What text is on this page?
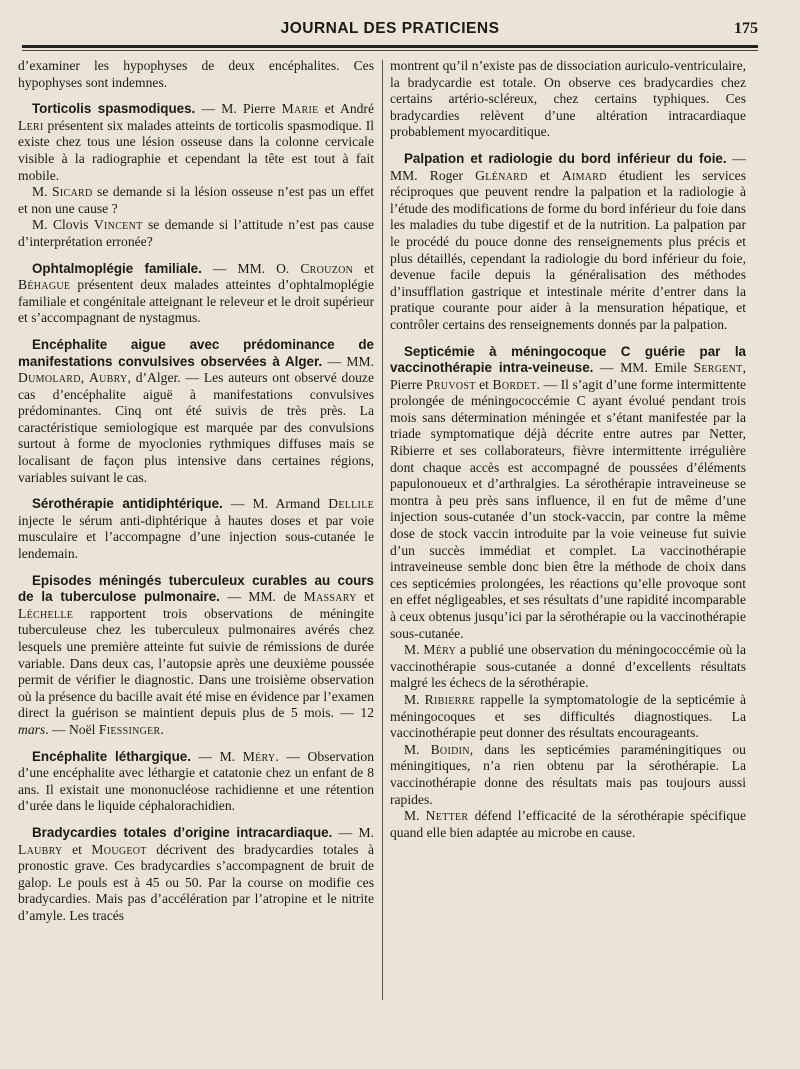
JOURNAL DES PRATICIENS	175

d’examiner les hypophyses de deux encéphalites. Ces hypophyses sont indemnes.

Torticolis spasmodiques. — M. Pierre Marie et André Leri présentent six malades atteints de torticolis spasmodique. Il existe chez tous une lésion osseuse dans la colonne cervicale visible à la radiographie et cependant la tête est tout à fait mobile.

M. Sicard se demande si la lésion osseuse n’est pas un effet et non une cause ?

M. Clovis Vincent se demande si l’attitude n’est pas cause d’interprétation erronée?

Ophtalmoplégie familiale. — MM. O. Crouzon et Béhague présentent deux malades atteintes d’ophtalmoplégie familiale et congénitale atteignant le releveur et le droit supérieur et s’accompagnant de nystagmus.

Encéphalite aigue avec prédominance de manifestations convulsives observées à Alger. — MM. Dumolard, Aubry, d’Alger. — Les auteurs ont observé douze cas d’encéphalite aiguë à manifestations convulsives prédominantes. Cinq ont été suivis de très près. La caractéristique semiologique est marquée par des convulsions surtout à forme de myoclonies rythmiques diffuses mais se localisant de façon plus intensive dans certaines régions, variables suivant le cas.

Sérothérapie antidiphtérique. — M. Armand Dellile injecte le sérum anti-diphtérique à hautes doses et par voie musculaire et l’accompagne d’une injection sous-cutanée le lendemain.

Episodes méningés tuberculeux curables au cours de la tuberculose pulmonaire. — MM. de Massary et Léchelle rapportent trois observations de méningite tuberculeuse chez les tuberculeux pulmonaires avérés chez lesquels une première atteinte fut suivie de rémissions de durée variable. Dans deux cas, l’autopsie après une deuxième poussée permit de vérifier le diagnostic. Dans une troisième observation où la présence du bacille avait été mise en évidence par l’examen direct la guérison se maintient depuis plus de 5 mois. — 12 mars. — Noël Fiessinger.

Encéphalite léthargique. — M. Méry. — Observation d’une encéphalite avec léthargie et catatonie chez un enfant de 8 ans. Il existait une mononucléose rachidienne et une rétention d’urée dans le liquide céphalorachidien.

Bradycardies totales d’origine intracardiaque. — M. Laubry et Mougeot décrivent des bradycardies totales à pronostic grave. Ces bradycardies s’accompagnent de bruit de galop. Le pouls est à 45 ou 50. Par la course on modifie ces bradycardies. Mais pas d’accélération par l’atropine et le nitrite d’amyle. Les tracés

montrent qu’il n’existe pas de dissociation auriculo-ventriculaire, la bradycardie est totale. On observe ces bradycardies chez certains artério-scléreux, chez certains typhiques. Ces bradycardies relèvent d’une altération intracardiaque probablement myocarditique.

Palpation et radiologie du bord inférieur du foie. — MM. Roger Glénard et Aimard étudient les services réciproques que peuvent rendre la palpation et la radiologie à l’étude des modifications de forme du bord inférieur du foie dans les maladies du tube digestif et de la nutrition. La palpation par le procédé du pouce donne des renseignements plus précis et plus détaillés, cependant la radiologie du bord inférieur du foie, devenue facile depuis la généralisation des méthodes d’insufflation gastrique et intestinale mérite d’entrer dans la pratique courante pour aider à la mensuration hépatique, et contrôler certains des renseignements donnés par la palpation.

Septicémie à méningocoque C guérie par la vaccinothérapie intra-veineuse. — MM. Emile Sergent, Pierre Pruvost et Bordet. — Il s’agit d’une forme intermittente prolongée de méningococcémie C ayant évolué pendant trois mois sans détermination méningée et s’étant manifestée par la triade symptomatique déjà décrite entre autres par Netter, Ribierre et ses collaborateurs, fièvre intermittente irrégulière dont chaque accès est accompagné de poussées d’éléments papulonoueux et d’arthralgies. La sérothérapie intraveineuse se montra à peu près sans influence, il en fut de même d’une injection sous-cutanée d’un stock-vaccin, par contre la même dose de stock vaccin introduite par la voie veineuse fut suivie d’un succès immédiat et complet. La vaccinothérapie intraveineuse semble donc bien être la méthode de choix dans ces septicémies prolongées, les réactions qu’elle provoque sont en effet négligeables, et ses résultats d’une rapidité incomparable à ceux obtenus jusqu’ici par la sérothérapie ou la vaccinothérapie sous-cutanée.

M. Méry a publié une observation du méningococcémie où la vaccinothérapie sous-cutanée a donné d’excellents résultats malgré les échecs de la sérothérapie.

M. Ribierre rappelle la symptomatologie de la septicémie à méningocoques et ses difficultés diagnostiques. La vaccinothérapie peut donner des résultats encourageants.

M. Boidin, dans les septicémies paraméningitiques ou méningitiques, n’a rien obtenu par la sérothérapie. La vaccinothérapie donne des résultats mais pas toujours aussi rapides.

M. Netter défend l’efficacité de la sérothérapie spécifique quand elle bien adaptée au microbe en cause.
